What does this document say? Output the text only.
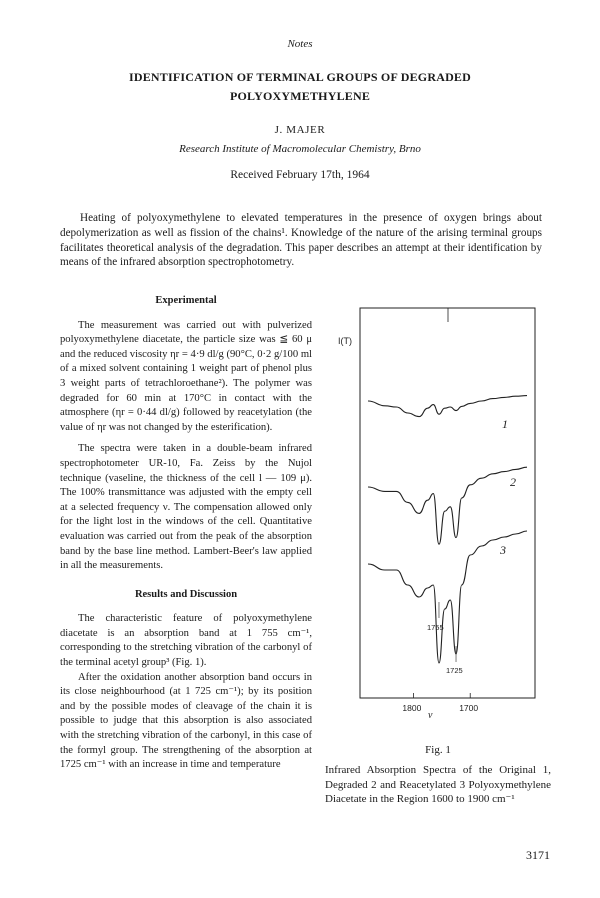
Notes
IDENTIFICATION OF TERMINAL GROUPS OF DEGRADED POLYOXYMETHYLENE
J. MAJER
Research Institute of Macromolecular Chemistry, Brno
Received February 17th, 1964

Heating of polyoxymethylene to elevated temperatures in the presence of oxygen brings about depolymerization as well as fission of the chains¹. Knowledge of the nature of the arising terminal groups facilitates theoretical analysis of the degradation. This paper describes an attempt at their identification by means of the infrared absorption spectrophotometry.

Experimental

The measurement was carried out with pulverized polyoxymethylene diacetate, the particle size was ≦ 60 μ and the reduced viscosity ηr = 4·9 dl/g (90°C, 0·2 g/100 ml of a mixed solvent containing 1 weight part of phenol plus 3 weight parts of tetrachloroethane²). The polymer was degraded for 60 min at 170°C in contact with the atmosphere (ηr = 0·44 dl/g) followed by reacetylation (the value of ηr was not changed by the esterification).

The spectra were taken in a double-beam infrared spectrophotometer UR-10, Fa. Zeiss by the Nujol technique (vaseline, the thickness of the cell l — 109 μ). The 100% transmittance was adjusted with the empty cell at a selected frequency ν. The compensation allowed only for the light lost in the windows of the cell. Quantitative evaluation was carried out from the peak of the absorption band by the base line method. Lambert-Beer's law applied in all the measurements.

Results and Discussion

The characteristic feature of polyoxymethylene diacetate is an absorption band at 1 755 cm⁻¹, corresponding to the stretching vibration of the carbonyl of the terminal acetyl group³ (Fig. 1).

After the oxidation another absorption band occurs in its close neighbourhood (at 1 725 cm⁻¹); by its position and by the possible modes of cleavage of the chain it is possible to judge that this absorption is also associated with the stretching vibration of the carbonyl, in this case of the formyl group. The strengthening of the absorption at 1725 cm⁻¹ with an increase in time and temperature

I(T)
1
2
3
1755
1725
1800	1700
ν
Fig. 1

Infrared Absorption Spectra of the Original 1, Degraded 2 and Reacetylated 3 Polyoxymethylene Diacetate in the Region 1600 to 1900 cm⁻¹

3171
